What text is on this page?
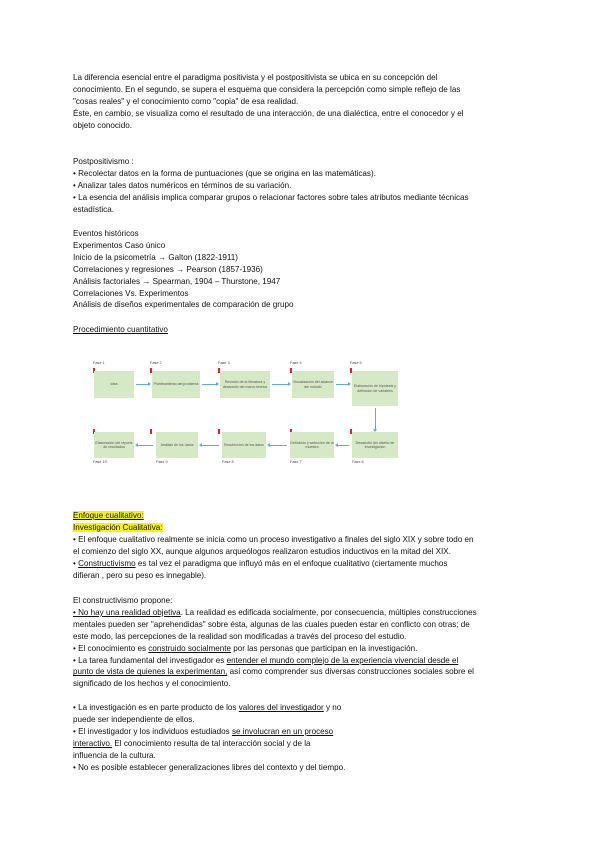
La diferencia esencial entre el paradigma positivista y el postpositivista se ubica en su concepción del
conocimiento. En el segundo, se supera el esquema que considera la percepción como simple reflejo de las
"cosas reales" y el conocimiento como "copia" de esa realidad.
Éste, en cambio, se visualiza como el resultado de una interacción, de una dialéctica, entre el conocedor y el
objeto conocido.
Postpositivismo :
• Recolectar datos en la forma de puntuaciones (que se origina en las matemáticas).
• Analizar tales datos numéricos en términos de su variación.
• La esencia del análisis implica comparar grupos o relacionar factores sobre tales atributos mediante técnicas
estadística.
Eventos históricos
Experimentos Caso único
Inicio de la psicometría → Galton (1822-1911)
Correlaciones y regresiones → Pearson (1857-1936)
Análisis factoriales → Spearman, 1904 – Thurstone, 1947
Correlaciones Vs. Experimentos
Análisis de diseños experimentales de comparación de grupo
Procedimiento cuantitativo
Fase 1	Fase 2	Fase 3	Fase 4	Fase 5
Idea	Planteamiento del problema
Revisión de la literatura y desarrollo del marco teórico
Visualización del alcance del estudio	Elaboración de hipótesis y definición de variables
Elaboración del reporte de resultados
Análisis de los datos	Recolección de los datos
Definición y selección de la muestra
Desarrollo del diseño de investigación
Fase 10	Fase 9	Fase 8	Fase 7	Fase 6
Enfoque cualitativo:
Investigación Cualitativa:
• El enfoque cualitativo realmente se inicia como un proceso investigativo a finales del siglo XIX y sobre todo en
el comienzo del siglo XX, aunque algunos arqueólogos realizaron estudios inductivos en la mitad del XIX.
• Constructivismo es tal vez el paradigma que influyó más en el enfoque cualitativo (ciertamente muchos
difieran , pero su peso es innegable).
El constructivismo propone:
• No hay una realidad objetiva. La realidad es edificada socialmente, por consecuencia, múltiples construcciones
mentales pueden ser "aprehendidas" sobre ésta, algunas de las cuales pueden estar en conflicto con otras; de
este modo, las percepciones de la realidad son modificadas a través del proceso del estudio.
• El conocimiento es construido socialmente por las personas que participan en la investigación.
• La tarea fundamental del investigador es entender el mundo complejo de la experiencia vivencial desde el
punto de vista de quienes la experimentan, así como comprender sus diversas construcciones sociales sobre el
significado de los hechos y el conocimiento.
• La investigación es en parte producto de los valores del investigador y no
puede ser independiente de ellos.
• El investigador y los individuos estudiados se involucran en un proceso
interactivo. El conocimiento resulta de tal interacción social y de la
influencia de la cultura.
• No es posible establecer generalizaciones libres del contexto y del tiempo.
